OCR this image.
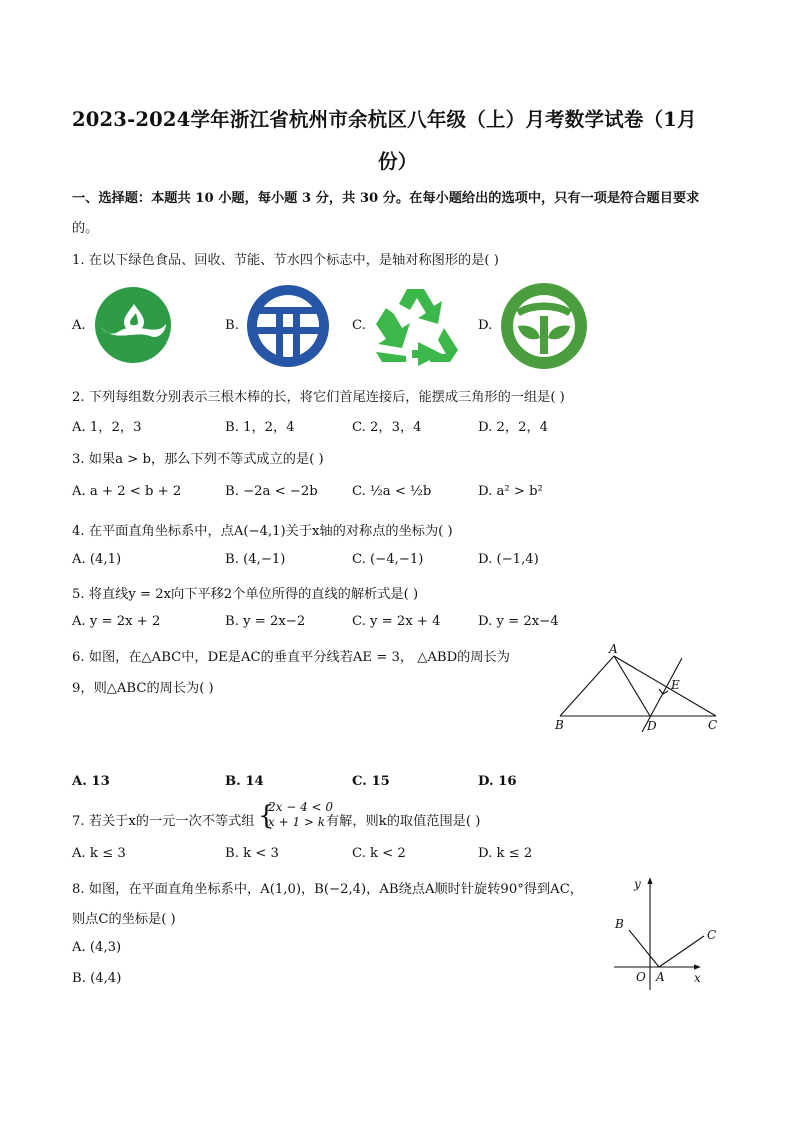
2023-2024学年浙江省杭州市余杭区八年级（上）月考数学试卷（1月
份）
一、选择题：本题共 10 小题，每小题 3 分，共 30 分。在每小题给出的选项中，只有一项是符合题目要求
的。
1. 在以下绿色食品、回收、节能、节水四个标志中，是轴对称图形的是( )
A.	B.	C.	D.
2. 下列每组数分别表示三根木棒的长，将它们首尾连接后，能摆成三角形的一组是( )
A. 1，2，3	B. 1，2，4	C. 2，3，4	D. 2，2，4
3. 如果a > b，那么下列不等式成立的是( )
A. a + 2 < b + 2	B. −2a < −2b	C. ½a < ½b	D. a² > b²
4. 在平面直角坐标系中，点A(−4,1)关于x轴的对称点的坐标为( )
A. (4,1)	B. (4,−1)	C. (−4,−1)	D. (−1,4)
5. 将直线y = 2x向下平移2个单位所得的直线的解析式是( )
A. y = 2x + 2	B. y = 2x−2	C. y = 2x + 4	D. y = 2x−4
6. 如图，在△ABC中，DE是AC的垂直平分线若AE = 3， △ABD的周长为
9，则△ABC的周长为( )
A
E
B	D	C
A. 13	B. 14	C. 15	D. 16
7. 若关于x的一元一次不等式组 {
2x − 4 < 0
x + 1 > k 有解，则k的取值范围是( )
A. k ≤ 3	B. k < 3	C. k < 2	D. k ≤ 2
8. 如图，在平面直角坐标系中，A(1,0)，B(−2,4)，AB绕点A顺时针旋转90°得到AC，
则点C的坐标是( )
A. (4,3)
B. (4,4)
y
x
O A
B
C
